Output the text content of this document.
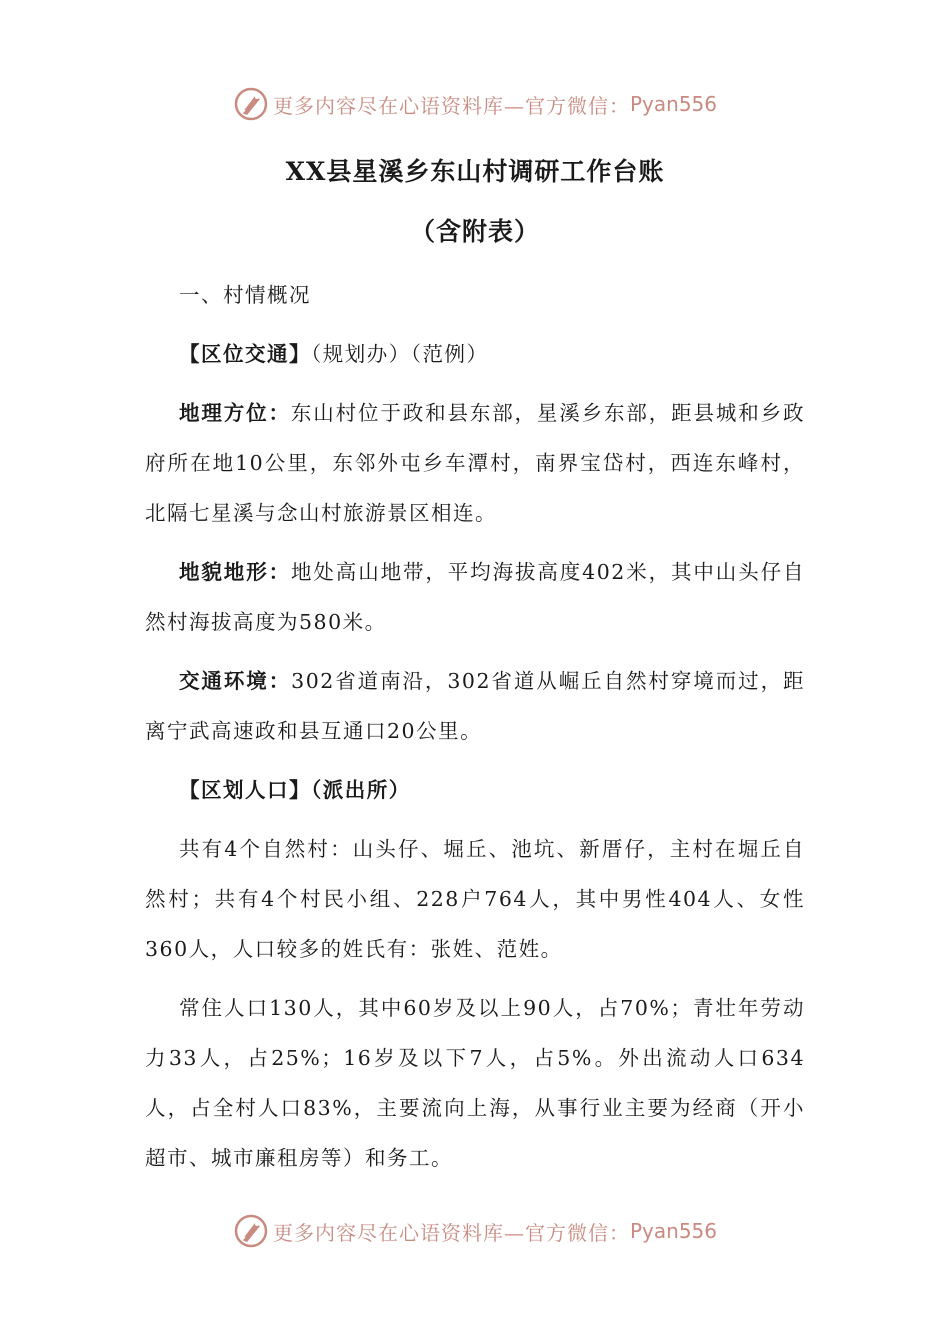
更多内容尽在心语资料库—官方微信： Pyan556
XX县星溪乡东山村调研工作台账
（含附表）

一、村情概况

【区位交通】（规划办）（范例）

地理方位：东山村位于政和县东部，星溪乡东部，距县城和乡政府所在地10公里，东邻外屯乡车潭村，南界宝岱村，西连东峰村，北隔七星溪与念山村旅游景区相连。

地貌地形：地处高山地带，平均海拔高度402米，其中山头仔自然村海拔高度为580米。

交通环境：302省道南沿，302省道从崛丘自然村穿境而过，距离宁武高速政和县互通口20公里。

【区划人口】（派出所）

共有4个自然村：山头仔、堀丘、池坑、新厝仔，主村在堀丘自然村；共有4个村民小组、228户764人，其中男性404人、女性360人，人口较多的姓氏有：张姓、范姓。

常住人口130人，其中60岁及以上90人，占70%；青壮年劳动力33人，占25%；16岁及以下7人，占5%。外出流动人口634人，占全村人口83%，主要流向上海，从事行业主要为经商（开小超市、城市廉租房等）和务工。

更多内容尽在心语资料库—官方微信： Pyan556
